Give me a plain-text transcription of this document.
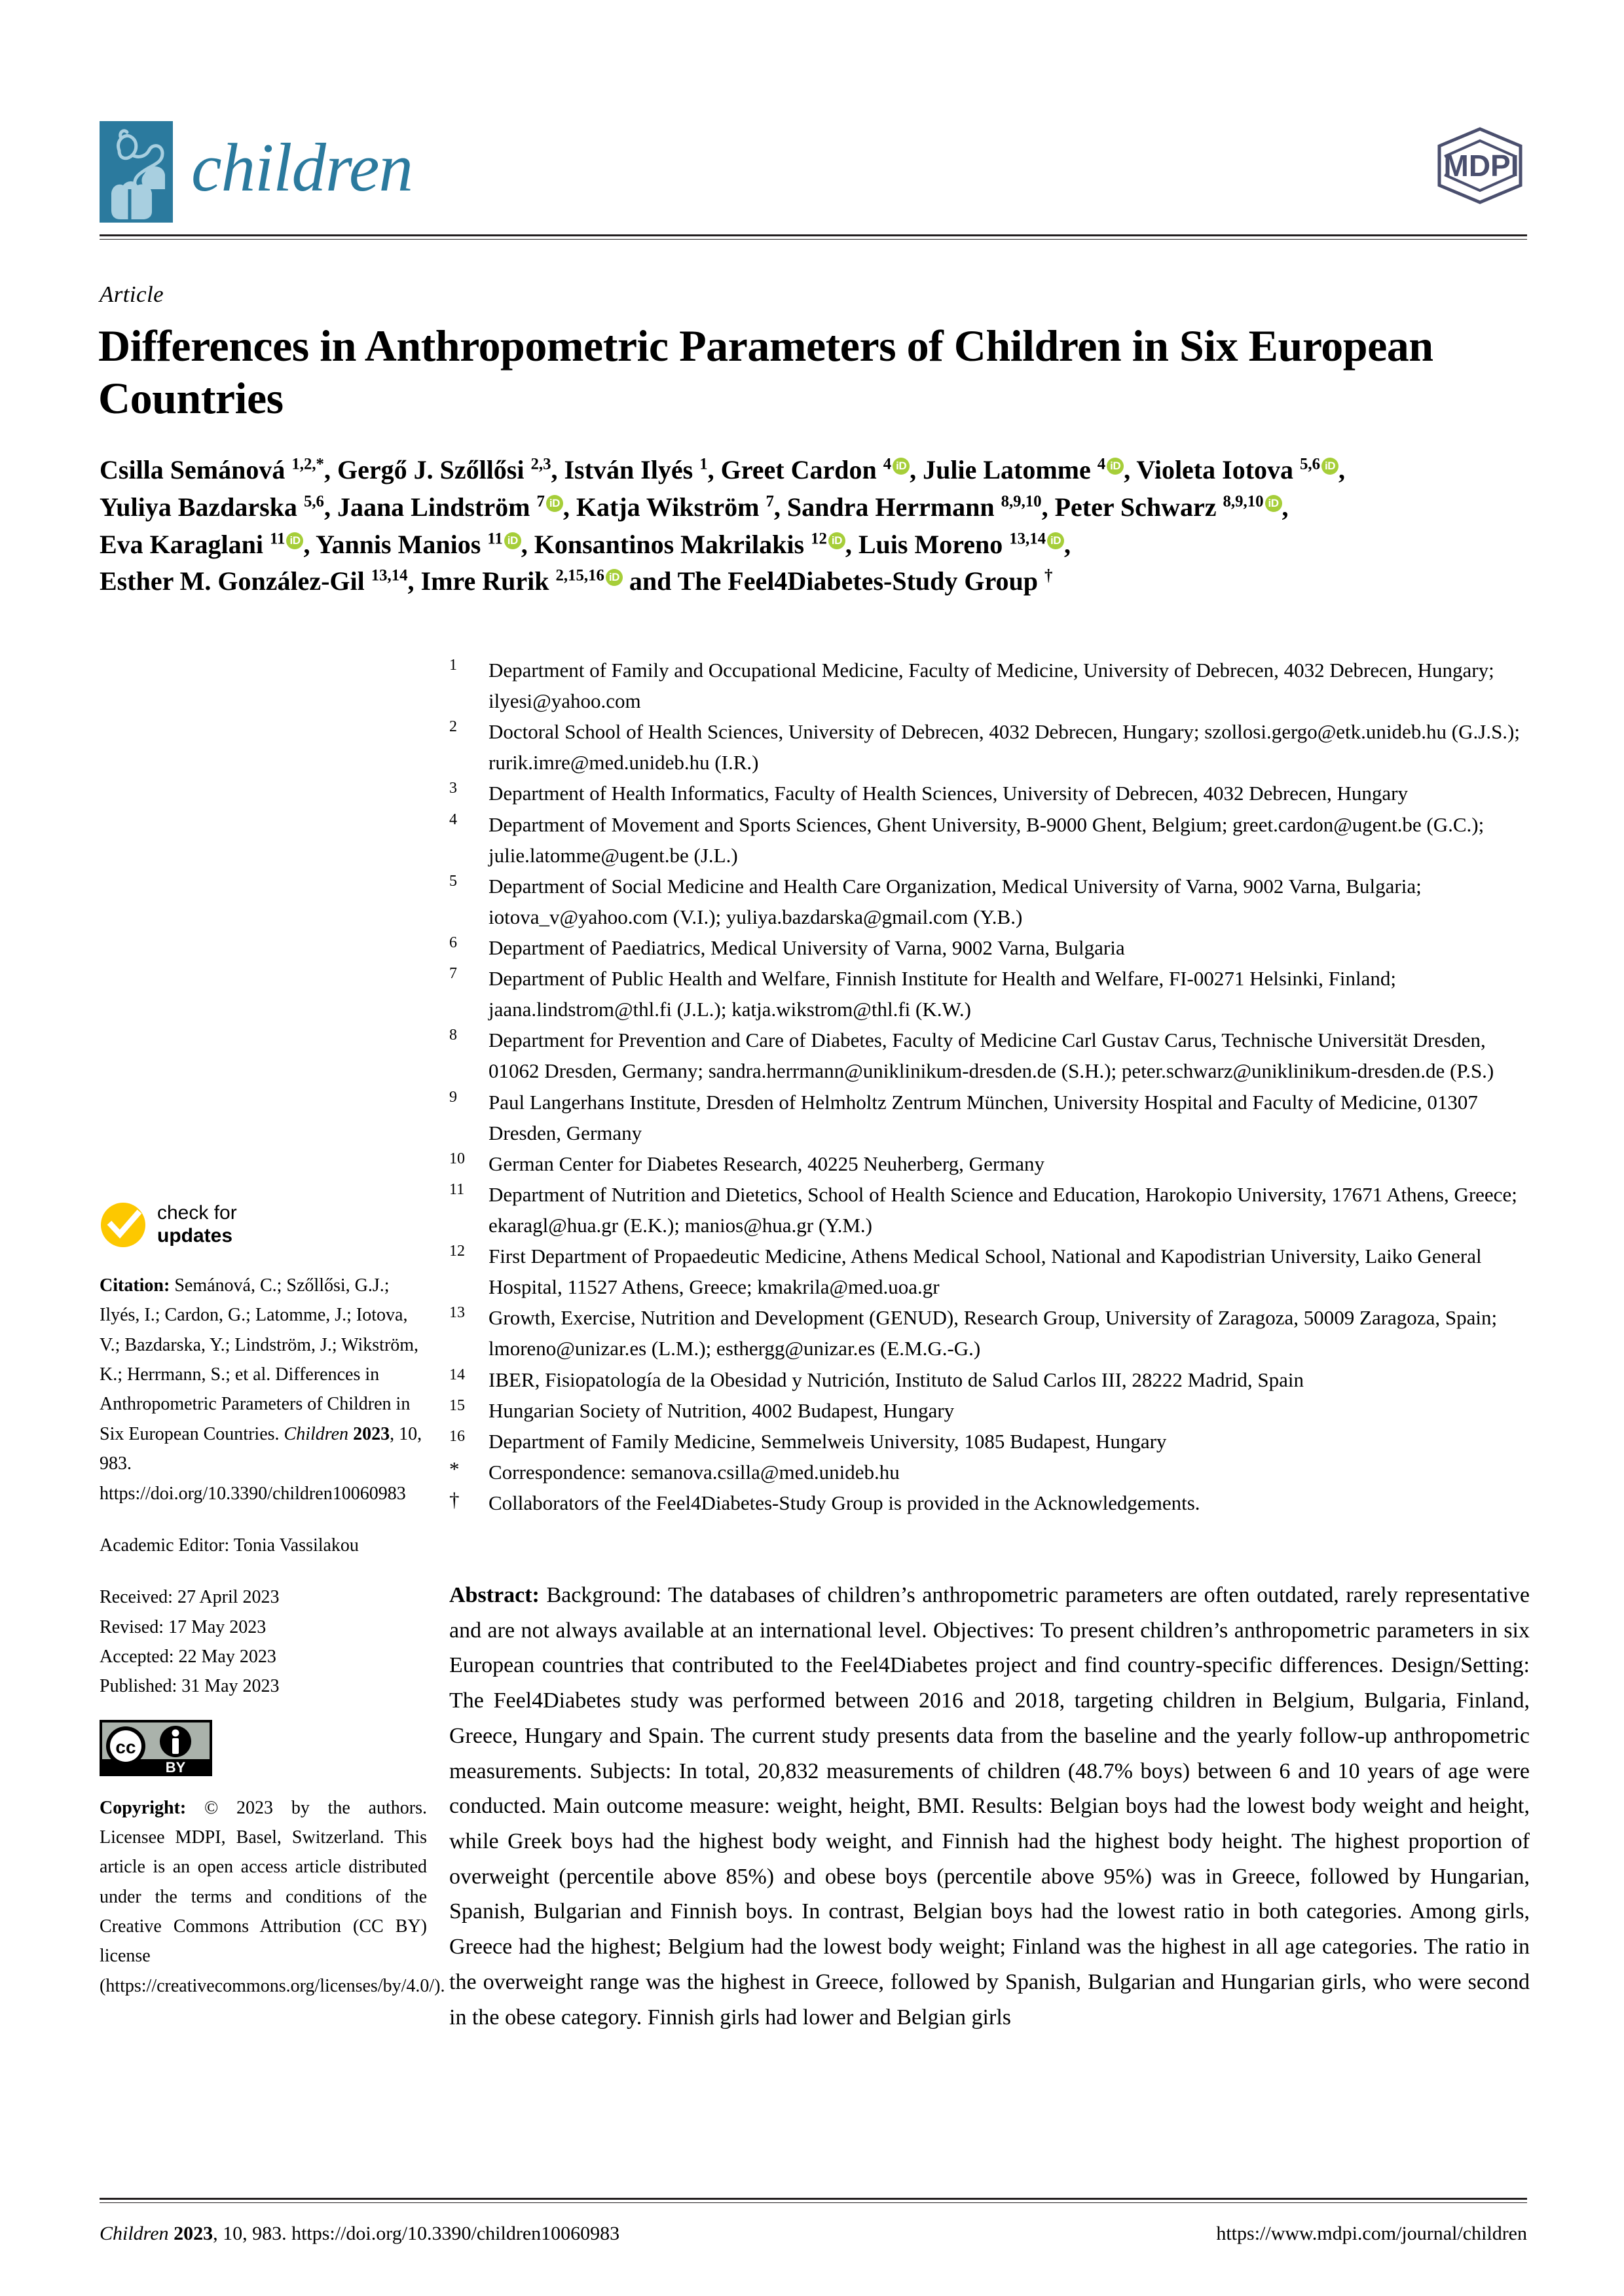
children	MDPI
Article
Differences in Anthropometric Parameters of Children in Six European Countries
Csilla Semánová $^{1,2,*}$, Gergő J. Szőllősi $^{2,3}$, István Ilyés $^1$, Greet Cardon $^4$ iD , Julie Latomme $^4$ iD , Violeta Iotova $^{5,6}$ iD ,
Yuliya Bazdarska $^{5,6}$, Jaana Lindström $^7$ iD , Katja Wikström $^7$, Sandra Herrmann $^{8,9,10}$, Peter Schwarz $^{8,9,10}$ iD ,
Eva Karaglani $^{11}$ iD , Yannis Manios $^{11}$ iD , Konsantinos Makrilakis $^{12}$ iD , Luis Moreno $^{13,14}$ iD ,
Esther M. González-Gil $^{13,14}$, Imre Rurik $^{2,15,16}$ iD and The Feel4Diabetes-Study Group †
1	Department of Family and Occupational Medicine, Faculty of Medicine, University of Debrecen, 4032 Debrecen, Hungary; ilyesi@yahoo.com
2	Doctoral School of Health Sciences, University of Debrecen, 4032 Debrecen, Hungary; szollosi.gergo@etk.unideb.hu (G.J.S.); rurik.imre@med.unideb.hu (I.R.)
3	Department of Health Informatics, Faculty of Health Sciences, University of Debrecen, 4032 Debrecen, Hungary
4	Department of Movement and Sports Sciences, Ghent University, B-9000 Ghent, Belgium; greet.cardon@ugent.be (G.C.); julie.latomme@ugent.be (J.L.)
5	Department of Social Medicine and Health Care Organization, Medical University of Varna, 9002 Varna, Bulgaria; iotova_v@yahoo.com (V.I.); yuliya.bazdarska@gmail.com (Y.B.)
6	Department of Paediatrics, Medical University of Varna, 9002 Varna, Bulgaria
7	Department of Public Health and Welfare, Finnish Institute for Health and Welfare, FI-00271 Helsinki, Finland; jaana.lindstrom@thl.fi (J.L.); katja.wikstrom@thl.fi (K.W.)
8	Department for Prevention and Care of Diabetes, Faculty of Medicine Carl Gustav Carus, Technische Universität Dresden, 01062 Dresden, Germany; sandra.herrmann@uniklinikum-dresden.de (S.H.); peter.schwarz@uniklinikum-dresden.de (P.S.)
9	Paul Langerhans Institute, Dresden of Helmholtz Zentrum München, University Hospital and Faculty of Medicine, 01307 Dresden, Germany
10	German Center for Diabetes Research, 40225 Neuherberg, Germany
11	Department of Nutrition and Dietetics, School of Health Science and Education, Harokopio University, 17671 Athens, Greece; ekaragl@hua.gr (E.K.); manios@hua.gr (Y.M.)
12	First Department of Propaedeutic Medicine, Athens Medical School, National and Kapodistrian University, Laiko General Hospital, 11527 Athens, Greece; kmakrila@med.uoa.gr
13	Growth, Exercise, Nutrition and Development (GENUD), Research Group, University of Zaragoza, 50009 Zaragoza, Spain; lmoreno@unizar.es (L.M.); esthergg@unizar.es (E.M.G.-G.)
14	IBER, Fisiopatología de la Obesidad y Nutrición, Instituto de Salud Carlos III, 28222 Madrid, Spain
15	Hungarian Society of Nutrition, 4002 Budapest, Hungary
16	Department of Family Medicine, Semmelweis University, 1085 Budapest, Hungary
*	Correspondence: semanova.csilla@med.unideb.hu
†	Collaborators of the Feel4Diabetes-Study Group is provided in the Acknowledgements.
check for
updates
Citation: Semánová, C.; Szőllősi, G.J.; Ilyés, I.; Cardon, G.; Latomme, J.; Iotova, V.; Bazdarska, Y.; Lindström, J.; Wikström, K.; Herrmann, S.; et al. Differences in Anthropometric Parameters of Children in Six European Countries. Children 2023, 10, 983. https://doi.org/10.3390/children10060983
Academic Editor: Tonia Vassilakou
Received: 27 April 2023
Revised: 17 May 2023
Accepted: 22 May 2023
Published: 31 May 2023
cc
BY
Copyright: © 2023 by the authors. Licensee MDPI, Basel, Switzerland. This article is an open access article distributed under the terms and conditions of the Creative Commons Attribution (CC BY) license (https://creativecommons.org/licenses/by/4.0/).
Abstract: Background: The databases of children’s anthropometric parameters are often outdated, rarely representative and are not always available at an international level. Objectives: To present children’s anthropometric parameters in six European countries that contributed to the Feel4Diabetes project and find country-specific differences. Design/Setting: The Feel4Diabetes study was performed between 2016 and 2018, targeting children in Belgium, Bulgaria, Finland, Greece, Hungary and Spain. The current study presents data from the baseline and the yearly follow-up anthropometric measurements. Subjects: In total, 20,832 measurements of children (48.7% boys) between 6 and 10 years of age were conducted. Main outcome measure: weight, height, BMI. Results: Belgian boys had the lowest body weight and height, while Greek boys had the highest body weight, and Finnish had the highest body height. The highest proportion of overweight (percentile above 85%) and obese boys (percentile above 95%) was in Greece, followed by Hungarian, Spanish, Bulgarian and Finnish boys. In contrast, Belgian boys had the lowest ratio in both categories. Among girls, Greece had the highest; Belgium had the lowest body weight; Finland was the highest in all age categories. The ratio in the overweight range was the highest in Greece, followed by Spanish, Bulgarian and Hungarian girls, who were second in the obese category. Finnish girls had lower and Belgian girls
Children 2023, 10, 983. https://doi.org/10.3390/children10060983	https://www.mdpi.com/journal/children
